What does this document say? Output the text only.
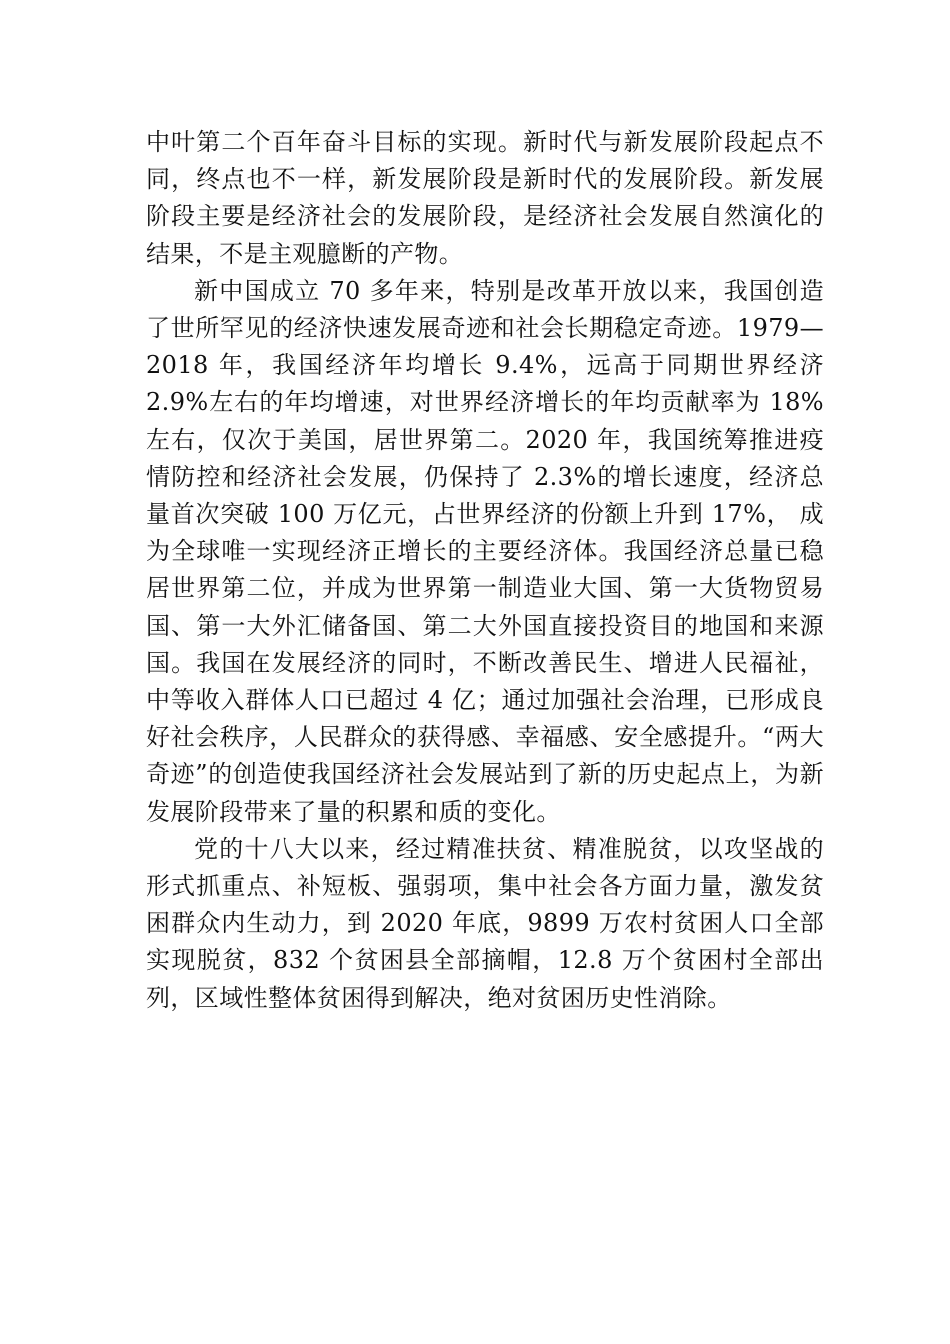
中叶第二个百年奋斗目标的实现。新时代与新发展阶段起点不同，终点也不一样，新发展阶段是新时代的发展阶段。新发展阶段主要是经济社会的发展阶段，是经济社会发展自然演化的结果，不是主观臆断的产物。

新中国成立 70 多年来，特别是改革开放以来，我国创造了世所罕见的经济快速发展奇迹和社会长期稳定奇迹。1979—2018 年，我国经济年均增长 9.4%，远高于同期世界经济 2.9%左右的年均增速，对世界经济增长的年均贡献率为 18%左右，仅次于美国，居世界第二。2020 年，我国统筹推进疫情防控和经济社会发展，仍保持了 2.3%的增长速度，经济总量首次突破 100 万亿元，占世界经济的份额上升到 17%， 成为全球唯一实现经济正增长的主要经济体。我国经济总量已稳居世界第二位，并成为世界第一制造业大国、第一大货物贸易国、第一大外汇储备国、第二大外国直接投资目的地国和来源国。我国在发展经济的同时，不断改善民生、增进人民福祉，中等收入群体人口已超过 4 亿；通过加强社会治理，已形成良好社会秩序，人民群众的获得感、幸福感、安全感提升。“两大奇迹”的创造使我国经济社会发展站到了新的历史起点上，为新发展阶段带来了量的积累和质的变化。

党的十八大以来，经过精准扶贫、精准脱贫，以攻坚战的形式抓重点、补短板、强弱项，集中社会各方面力量，激发贫困群众内生动力，到 2020 年底，9899 万农村贫困人口全部实现脱贫，832 个贫困县全部摘帽，12.8 万个贫困村全部出列，区域性整体贫困得到解决，绝对贫困历史性消除。
